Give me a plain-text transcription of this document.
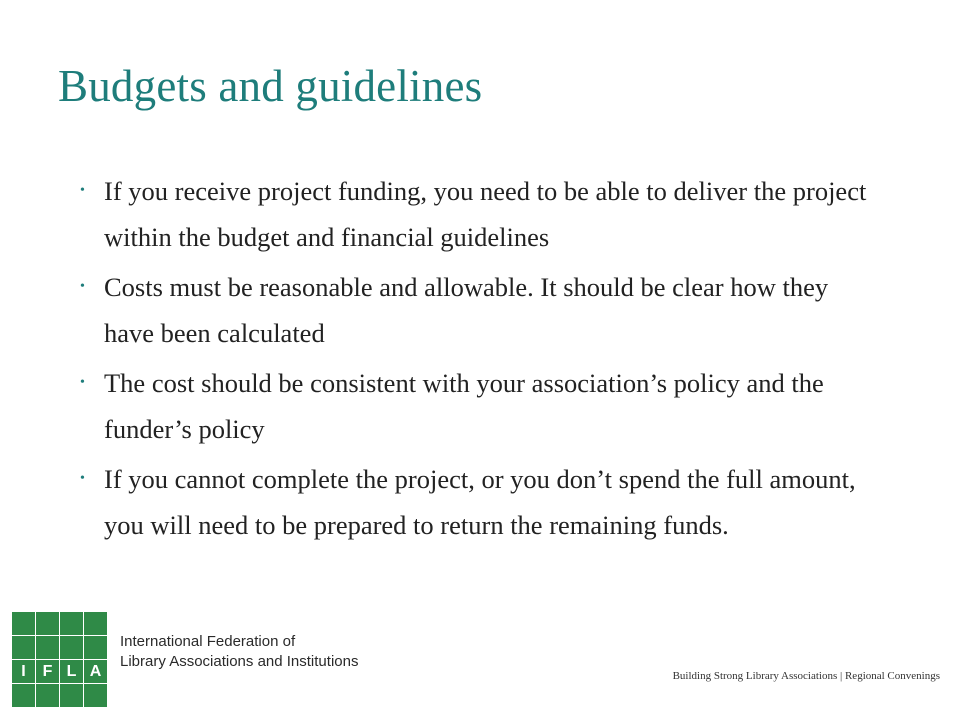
Budgets and guidelines
• If you receive project funding, you need to be able to deliver the project within the budget and financial guidelines
• Costs must be reasonable and allowable. It should be clear how they have been calculated
• The cost should be consistent with your association’s policy and the funder’s policy
• If you cannot complete the project, or you don’t spend the full amount, you will need to be prepared to return the remaining funds.
I	F L A
International Federation of
Library Associations and Institutions
Building Strong Library Associations | Regional Convenings
